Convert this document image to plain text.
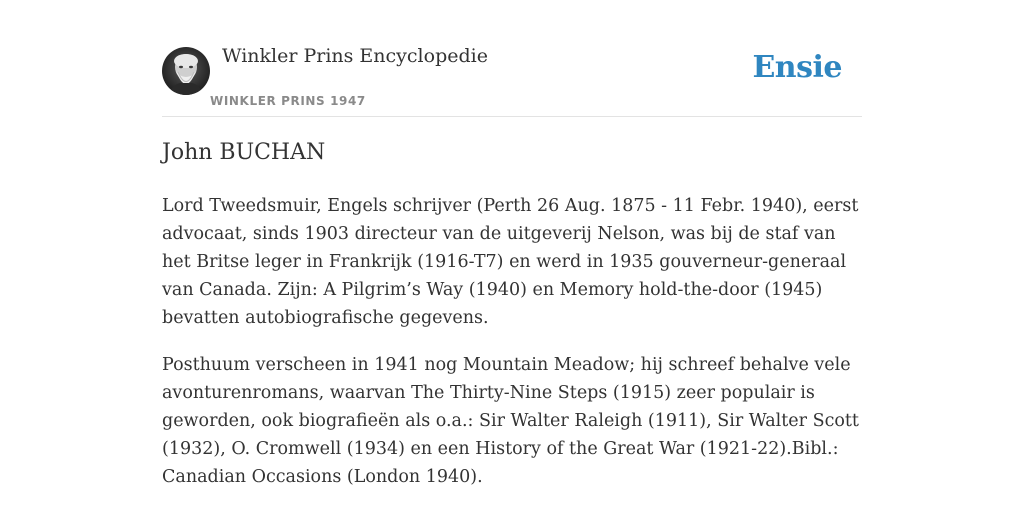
Winkler Prins Encyclopedie
WINKLER PRINS 1947
Ensie
John BUCHAN

Lord Tweedsmuir, Engels schrijver (Perth 26 Aug. 1875 - 11 Febr. 1940), eerst advocaat, sinds 1903 directeur van de uitgeverij Nelson, was bij de staf van het Britse leger in Frankrijk (1916-T7) en werd in 1935 gouverneur-generaal van Canada. Zijn: A Pilgrim’s Way (1940) en Memory hold-the-door (1945) bevatten autobiografische gegevens.

Posthuum verscheen in 1941 nog Mountain Meadow; hij schreef behalve vele avonturenromans, waarvan The Thirty-Nine Steps (1915) zeer populair is geworden, ook biografieën als o.a.: Sir Walter Raleigh (1911), Sir Walter Scott (1932), O. Cromwell (1934) en een History of the Great War (1921-22).Bibl.: Canadian Occasions (London 1940).
